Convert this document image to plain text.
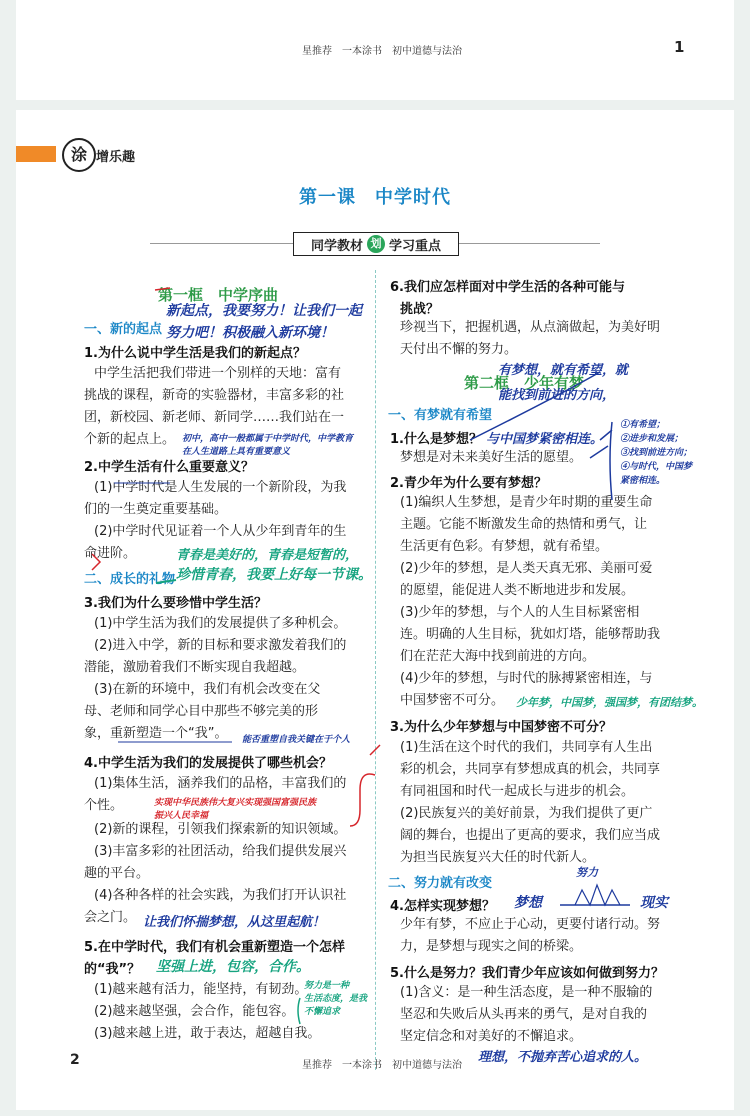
星推荐　一本涂书　初中道德与法治	1
涂 增乐趣
第一课　中学时代
同学教材 划 学习重点
第一框　中学序曲
新起点，我要努力！让我们一起
一、新的起点 努力吧！积极融入新环境！
1.为什么说中学生活是我们的新起点？
中学生活把我们带进一个别样的天地：富有
挑战的课程，新奇的实验器材，丰富多彩的社
团，新校园、新老师、新同学……我们站在一
个新的起点上。 初中，高中一般都属于中学时代，中学教育
在人生道路上具有重要意义
2.中学生活有什么重要意义？
(1)中学时代是人生发展的一个新阶段，为我
们的一生奠定重要基础。
(2)中学时代见证着一个人从少年到青年的生
命进阶。	青春是美好的，青春是短暂的，
二、成长的礼物 珍惜青春，我要上好每一节课。
3.我们为什么要珍惜中学生活？
(1)中学生活为我们的发展提供了多种机会。
(2)进入中学，新的目标和要求激发着我们的
潜能，激励着我们不断实现自我超越。
(3)在新的环境中，我们有机会改变在父
母、老师和同学心目中那些不够完美的形
象，重新塑造一个“我”。	能否重塑自我关键在于个人
4.中学生活为我们的发展提供了哪些机会？
(1)集体生活，涵养我们的品格，丰富我们的
个性。	实现中华民族伟大复兴实现强国富强民族
振兴人民幸福
(2)新的课程，引领我们探索新的知识领域。
(3)丰富多彩的社团活动，给我们提供发展兴
趣的平台。
(4)各种各样的社会实践，为我们打开认识社
会之门。 让我们怀揣梦想，从这里起航！
5.在中学时代，我们有机会重新塑造一个怎样
的“我”？ 坚强上进，包容，合作。
(1)越来越有活力，能坚持，有韧劲。
(2)越来越坚强，会合作，能包容。
(3)越来越上进，敢于表达，超越自我。
努力是一种
生活态度，是我
不懈追求
2	星推荐　一本涂书　初中道德与法治
6.我们应怎样面对中学生活的各种可能与
挑战？
珍视当下，把握机遇，从点滴做起，为美好明
天付出不懈的努力。
有梦想，就有希望，就
第二框　少年有梦
能找到前进的方向，
一、有梦就有希望
1.什么是梦想？ 与中国梦紧密相连。
梦想是对未来美好生活的愿望。
①有希望；
②进步和发展；
③找到前进方向；
④与时代，中国梦
紧密相连。
2.青少年为什么要有梦想？
(1)编织人生梦想，是青少年时期的重要生命
主题。它能不断激发生命的热情和勇气，让
生活更有色彩。有梦想，就有希望。
(2)少年的梦想，是人类天真无邪、美丽可爱
的愿望，能促进人类不断地进步和发展。
(3)少年的梦想，与个人的人生目标紧密相
连。明确的人生目标，犹如灯塔，能够帮助我
们在茫茫大海中找到前进的方向。
(4)少年的梦想，与时代的脉搏紧密相连，与
中国梦密不可分。	少年梦，中国梦，强国梦，有团结梦。
3.为什么少年梦想与中国梦密不可分？
(1)生活在这个时代的我们，共同享有人生出
彩的机会，共同享有梦想成真的机会，共同享
有同祖国和时代一起成长与进步的机会。
(2)民族复兴的美好前景，为我们提供了更广
阔的舞台，也提出了更高的要求，我们应当成
为担当民族复兴大任的时代新人。
二、努力就有改变
努力
4.怎样实现梦想？ 梦想	现实
少年有梦，不应止于心动，更要付诸行动。努
力，是梦想与现实之间的桥梁。
5.什么是努力？我们青少年应该如何做到努力？
(1)含义：是一种生活态度，是一种不服输的
坚忍和失败后从头再来的勇气，是对自我的
坚定信念和对美好的不懈追求。
理想，不抛弃苦心追求的人。
